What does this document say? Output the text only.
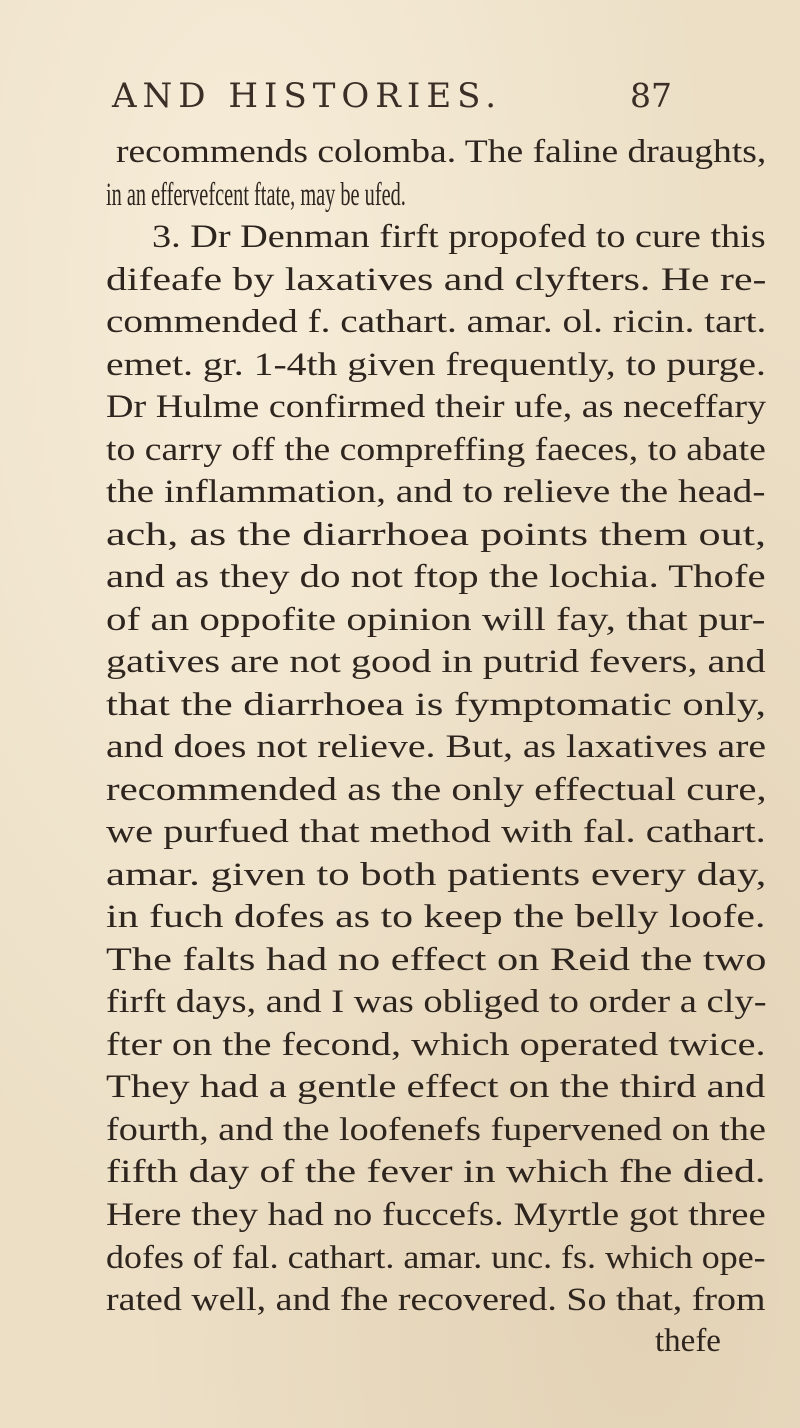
AND HISTORIES.	87
recommends colomba. The faline draughts,
in an effervefcent ftate, may be ufed.
3. Dr Denman firft propofed to cure this
difeafe by laxatives and clyfters. He re-
commended f. cathart. amar. ol. ricin. tart.
emet. gr. 1-4th given frequently, to purge.
Dr Hulme confirmed their ufe, as neceffary
to carry off the compreffing faeces, to abate
the inflammation, and to relieve the head-
ach, as the diarrhoea points them out,
and as they do not ftop the lochia. Thofe
of an oppofite opinion will fay, that pur-
gatives are not good in putrid fevers, and
that the diarrhoea is fymptomatic only,
and does not relieve. But, as laxatives are
recommended as the only effectual cure,
we purfued that method with fal. cathart.
amar. given to both patients every day,
in fuch dofes as to keep the belly loofe.
The falts had no effect on Reid the two
firft days, and I was obliged to order a cly-
fter on the fecond, which operated twice.
They had a gentle effect on the third and
fourth, and the loofenefs fupervened on the
fifth day of the fever in which fhe died.
Here they had no fuccefs. Myrtle got three
dofes of fal. cathart. amar. unc. fs. which ope-
rated well, and fhe recovered. So that, from
thefe
